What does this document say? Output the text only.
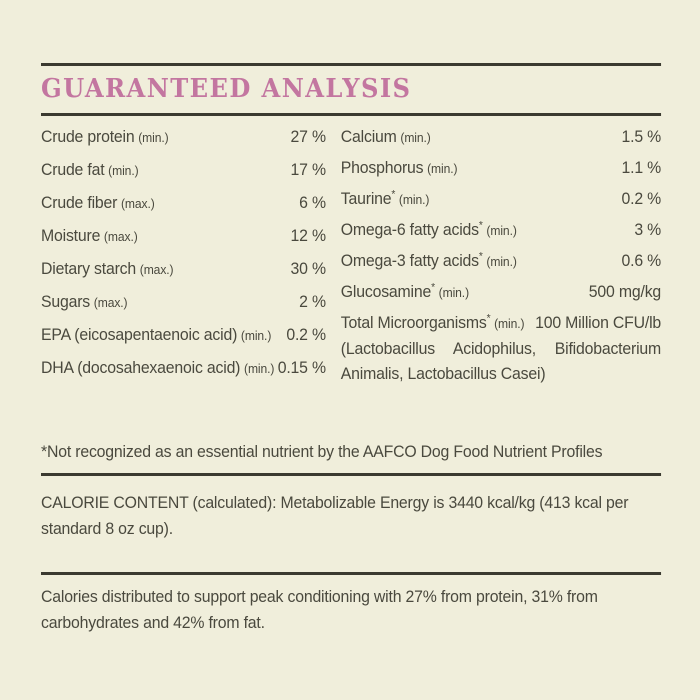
GUARANTEED ANALYSIS
Crude protein (min.)	27 %
Crude fat (min.)	17 %
Crude fiber (max.)	6 %
Moisture (max.)	12 %
Dietary starch (max.)	30 %
Sugars (max.)	2 %
EPA (eicosapentaenoic acid) (min.) 0.2 %
DHA (docosahexaenoic acid) (min.) 0.15 %
Calcium (min.)	1.5 %
Phosphorus (min.)	1.1 %
Taurine* (min.)	0.2 %
Omega-6 fatty acids* (min.)	3 %
Omega-3 fatty acids* (min.)	0.6 %
Glucosamine* (min.)	500 mg/kg
Total Microorganisms* (min.) 100 Million CFU/lb
(Lactobacillus Acidophilus, Bifidobacterium Animalis, Lactobacillus Casei)

*Not recognized as an essential nutrient by the AAFCO Dog Food Nutrient Profiles

CALORIE CONTENT (calculated): Metabolizable Energy is 3440 kcal/kg (413 kcal per standard 8 oz cup).

Calories distributed to support peak conditioning with 27% from protein, 31% from carbohydrates and 42% from fat.
